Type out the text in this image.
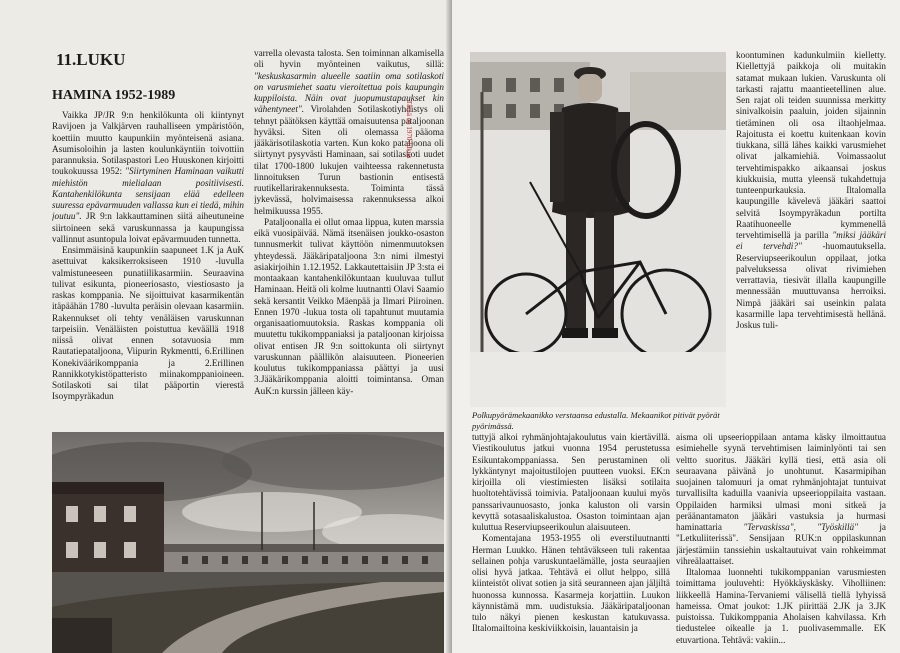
11.LUKU
HAMINA 1952-1989

Vaikka JP/JR 9:n henkilökunta oli kiintynyt Ravijoen ja Valkjärven rauhalliseen ympäristöön, koettiin muutto kaupunkiin myönteisenä asiana. Asumisoloihin ja lasten koulunkäyntiin toivottiin parannuksia. Sotilaspastori Leo Huuskonen kirjoitti toukokuussa 1952: "Siirtyminen Haminaan vaikutti miehistön mielialaan positiivisesti. Kantahenkilökunta sensijaan elää edelleen suuressa epävarmuuden vallassa kun ei tiedä, mihin joutuu". JR 9:n lakkauttaminen siitä aiheutuneine siirtoineen sekä varuskunnassa ja kaupungissa vallinnut asuntopula loivat epävarmuuden tunnetta.

Ensimmäisinä kaupunkiin saapuneet 1.K ja AuK asettuivat kaksikerroksiseen 1910 -luvulla valmistuneeseen punatiilikasarmiin. Seuraavina tulivat esikunta, pioneeriosasto, viestiosasto ja raskas komppania. Ne sijoittuivat kasarmikentän itäpäähän 1780 -luvulta peräisin olevaan kasarmiin. Rakennukset oli tehty venäläisen varuskunnan tarpeisiin. Venäläisten poistuttua keväällä 1918 niissä olivat ennen sotavuosia mm Rautatiepataljoona, Viipurin Rykmentti, 6.Erillinen Konekiväärikomppania ja 2.Erillinen Rannikkotykistöpatteristo miinakomppanioineen. Sotilaskoti sai tilat pääportin vierestä Isoympyräkadun

varrella olevasta talosta. Sen toiminnan alkamisella oli hyvin myönteinen vaikutus, sillä: "keskuskasarmin alueelle saatiin oma sotilaskoti on varusmiehet saatu vieroitettua pois kaupungin kuppiloista. Näin ovat juopumustapaukset kin vähentyneet". Virolahden Sotilaskotiyhdistys oli tehnyt päätöksen käyttää omaisuutensa pataljoonan hyväksi. Siten oli olemassa pääoma jääkärisotilaskotia varten. Kun koko pataljoona oli siirtynyt pysyvästi Haminaan, sai sotilaskoti uudet tilat 1700-1800 lukujen vaihteessa rakennetusta linnoituksen Turun bastionin entisestä ruutikellarirakennuksesta. Toiminta tässä jykevässä, holvimaisessa rakennuksessa alkoi helmikuussa 1955.

Pataljoonalla ei ollut omaa lippua, kuten marssia eikä vuosipäivää. Nämä itsenäisen joukko-osaston tunnusmerkit tulivat käyttöön nimenmuutoksen yhteydessä. Jääkäripataljoona 3:n nimi ilmestyi asiakirjoihin 1.12.1952. Lakkautettaisiin JP 3:sta ei montaakaan kantahenkilökuntaan kuuluvaa tullut Haminaan. Heitä oli kolme luutnantti Olavi Saamio sekä kersantit Veikko Mäenpää ja Ilmari Piiroinen. Ennen 1970 -lukua tosta oli tapahtunut muutamia organisaatiomuutoksia. Raskas komppania oli muutettu tukikomppaniaksi ja pataljoonan kirjoissa olivat entisen JR 9:n soittokunta oli siirtynyt varuskunnan päällikön alaisuuteen. Pioneerien koulutus tukikomppaniassa päättyi ja uusi 3.Jääkärikomppania aloitti toimintansa. Oman AuK:n kurssin jälleen käy-

Tämä on 1970-lukua
Polkupyörämekaanikko verstaansa edustalla. Mekaanikot pitivät pyörät pyörimässä.

koontuminen kadunkulmiin kielletty. Kiellettyjä paikkoja oli muitakin satamat mukaan lukien. Varuskunta oli tarkasti rajattu maantieetellinen alue. Sen rajat oli teiden suunnissa merkitty sinivalkoisin paaluin, joiden sijainnin tietäminen oli osa iltaohjelmaa. Rajoitusta ei koettu kuitenkaan kovin tiukkana, sillä lähes kaikki varusmiehet olivat jalkamiehiä. Voimassaolut tervehtimispakko aikaansai joskus kiukkuisia, mutta yleensä tukahdettuja tunteenpurkauksia. Iltalomalla kaupungille kävelevä jääkäri saattoi selvitä Isoympyräkadun portilta Raatihuoneelle kymmenellä tervehtimisellä ja parilla "miksi jääkäri ei tervehdi?" -huomautuksella. Reserviupseerikoulun oppilaat, jotka palveluksessa olivat rivimiehen verrattavia, tiesivät illalla kaupungille mennessään muuttuvansa herroiksi. Nimpä jääkäri sai useinkin palata kasarmille lapa tervehtimisestä hellänä. Joskus tuli-

tuttyjä alkoi ryhmänjohtajakoulutus vain kiertävillä. Viestikoulutus jatkui vuonna 1954 perustetussa Esikuntakomppaniassa. Sen perustaminen oli lykkäntynyt majoitustilojen puutteen vuoksi. EK:n kirjoilla oli viestimiesten lisäksi sotilaita huoltotehtävissä toimivia. Pataljoonaan kuului myös panssarivaunuosasto, jonka kaluston oli varsin kevyttä sotasaaliskalustoa. Osaston toimintaan ajan kuluttua Reserviupseerikoulun alaisuuteen.

Komentajana 1953-1955 oli everstiluutnantti Herman Luukko. Hänen tehtäväkseen tuli rakentaa sellainen pohja varuskuntaelämälle, josta seuraajien olisi hyvä jatkaa. Tehtävä ei ollut helppo, sillä kiinteistöt olivat sotien ja sitä seuranneen ajan jäljiltä huonossa kunnossa. Kasarmeja korjattiin. Luukon käynnistämä mm. uudistuksia. Jääkäripataljoonan tulo näkyi pienen keskustan katukuvassa. Iltalomailtoina keskiviikkoisin, lauantaisin ja

aisma oli upseerioppilaan antama käsky ilmoittautua esimiehelle syynä tervehtimisen laiminlyönti tai sen veltto suoritus. Jääkäri kyllä tiesi, että asia oli seuraavana päivänä jo unohtunut. Kasarmipihan suojainen talomuuri ja omat ryhmänjohtajat tuntuivat turvallisilta kaduilla vaanivia upseerioppilaita vastaan. Oppilaiden harmiksi ulmasi moni sitkeä ja peräänantamaton jääkäri vastuksia ja hurmasi haminattaria "Tervaskissa", "Työskillä" ja "Letkuliiterissä". Sensijaan RUK:n oppilaskunnan järjestämiin tanssiehin uskaltautuivat vain rohkeimmat vihreälaattaiset.

Iltalomaa luonnehti tukikomppanian varusmiesten toimittama jouluvehti: Hyökkäyskäsky. Viholliinen: liikkeellä Hamina-Tervaniemi välisellä tiellä lyhyissä hameissa. Omat joukot: 1.JK piirittää 2.JK ja 3.JK puistoissa. Tukikomppania Aholaisen kahvilassa. Krh tiedustelee oikealle ja 1. puolivasemmalle. EK etuvartiona. Tehtävä: vakiin...
